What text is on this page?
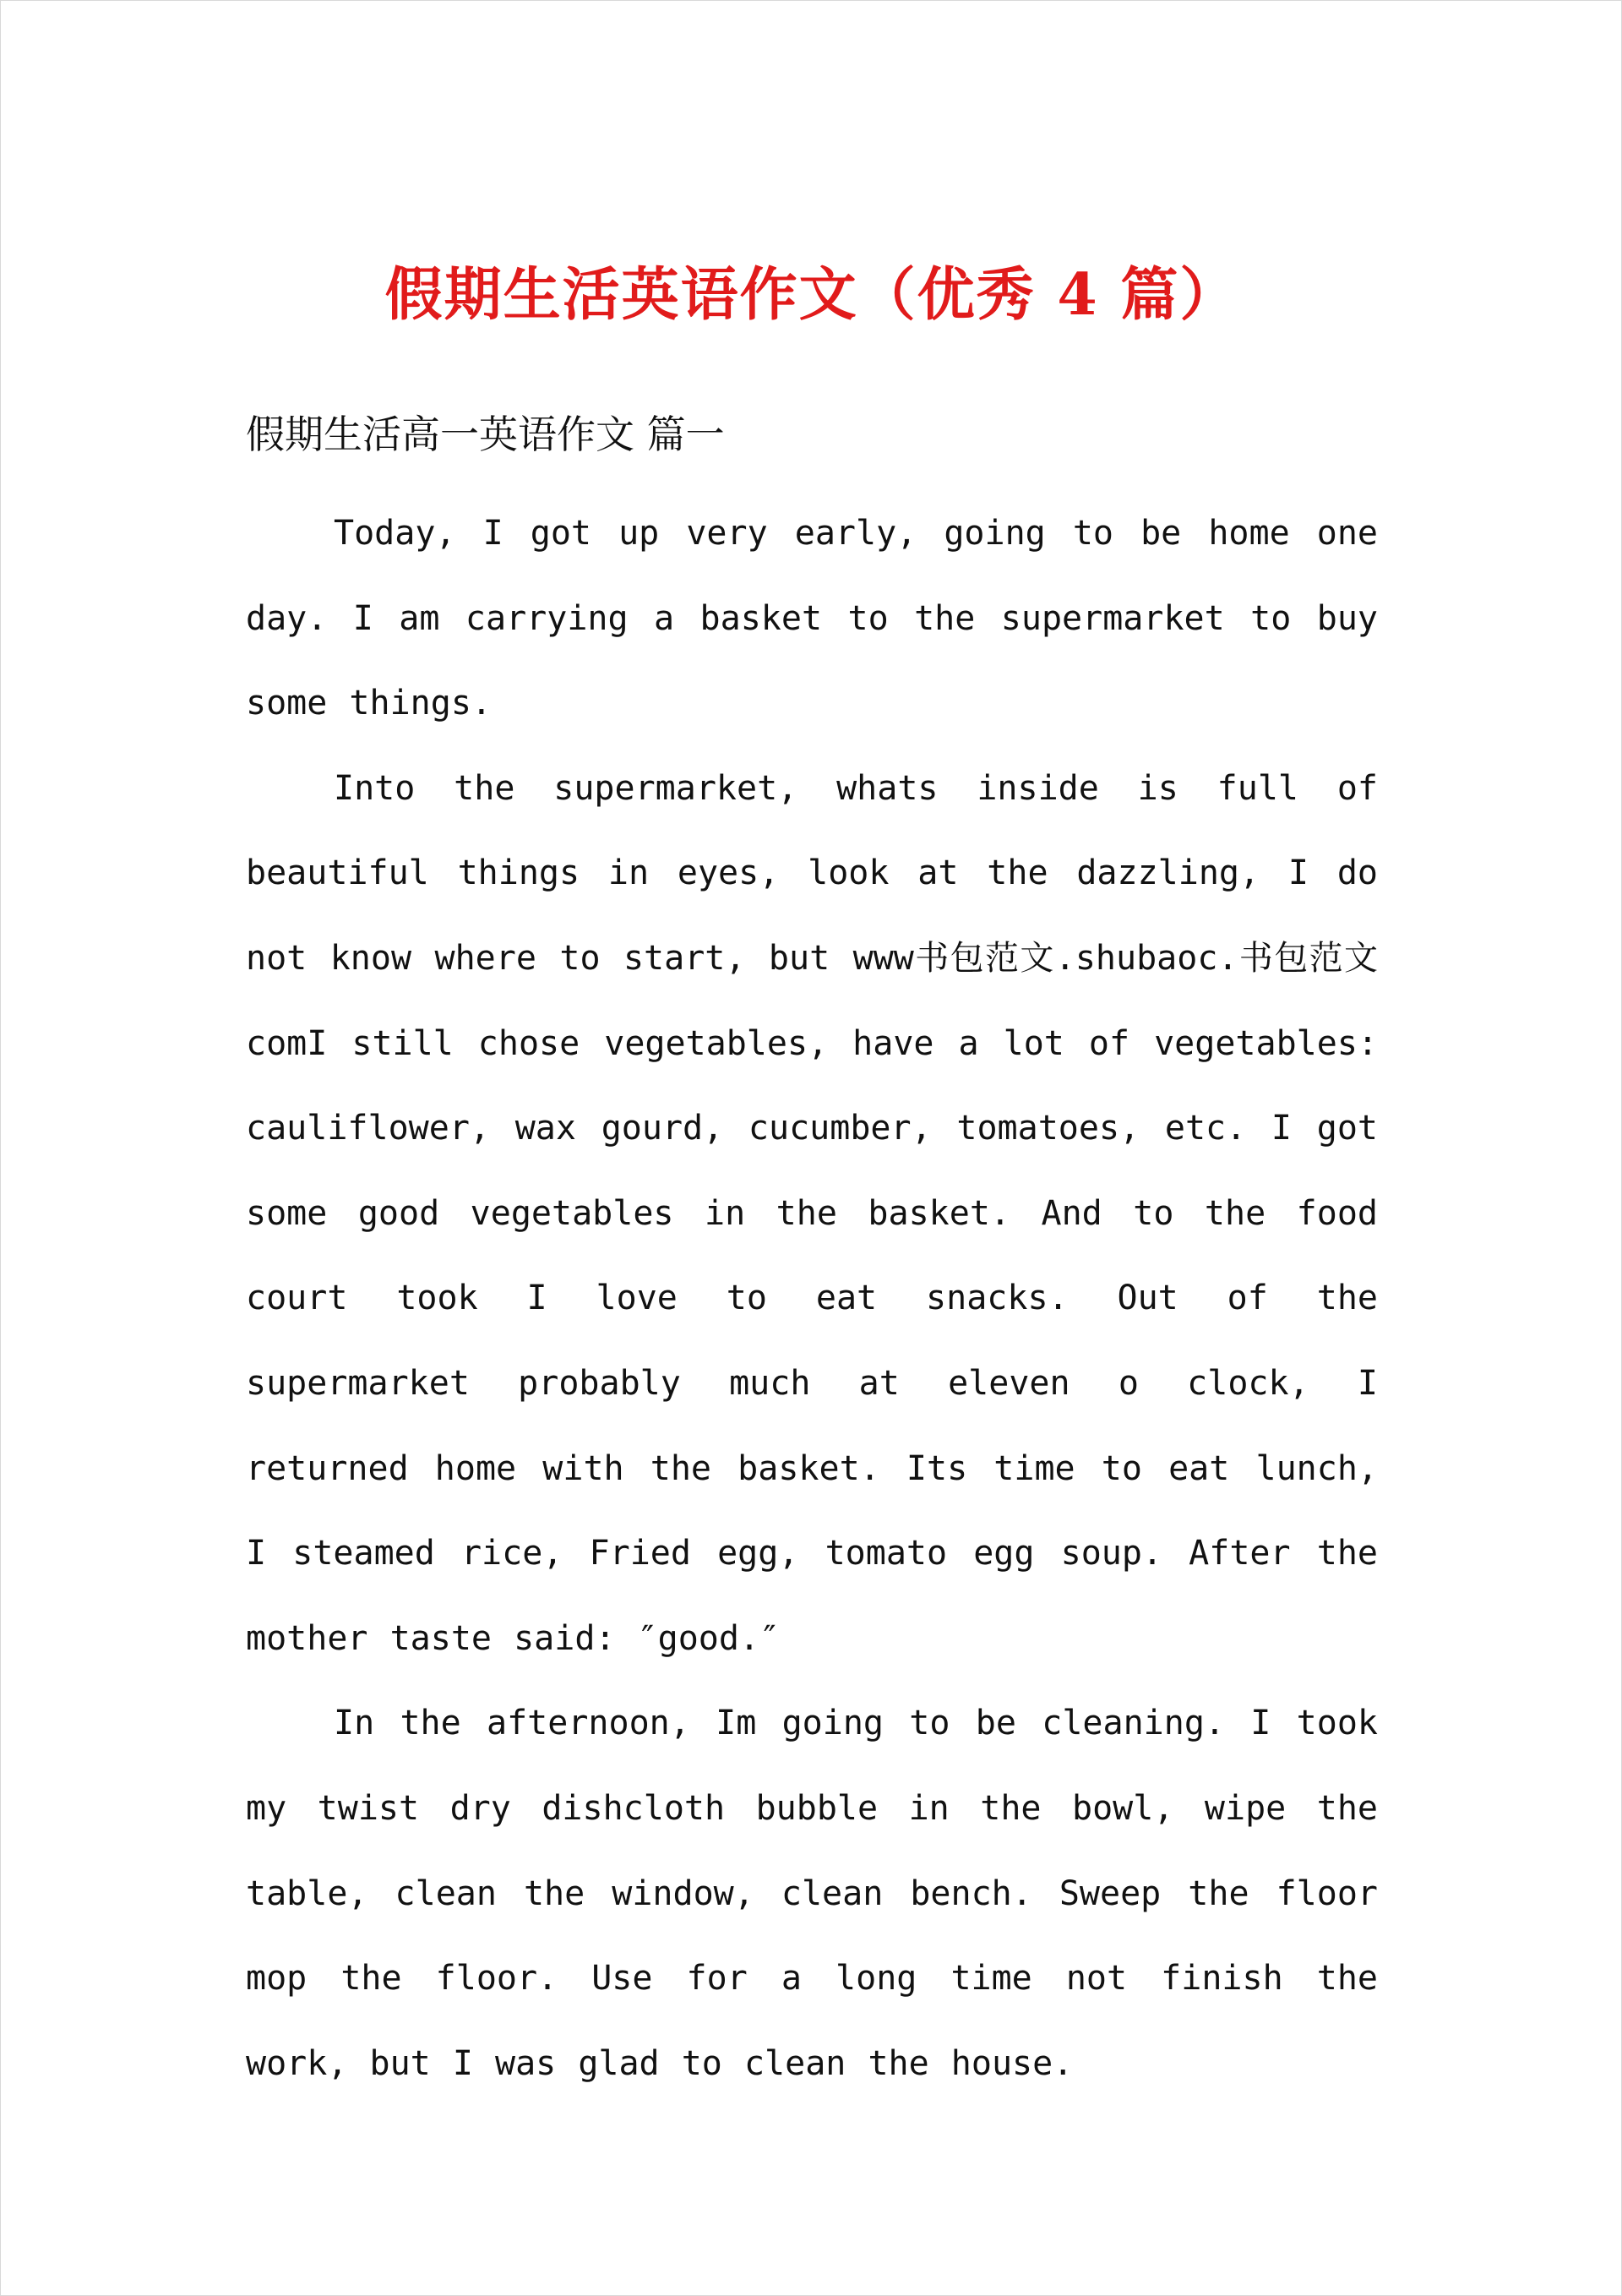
假期生活英语作文（优秀 4 篇）
假期生活高一英语作文 篇一

Today, I got up very early, going to be home one day. I am carrying a basket to the supermarket to buy some things.

Into the supermarket, whats inside is full of beautiful things in eyes, look at the dazzling, I do not know where to start, but www书包范文.shubaoc.书包范文comI still chose vegetables, have a lot of vegetables: cauliflower, wax gourd, cucumber, tomatoes, etc. I got some good vegetables in the basket. And to the food court took I love to eat snacks. Out of the supermarket probably much at eleven o clock, I returned home with the basket. Its time to eat lunch, I steamed rice, Fried egg, tomato egg soup. After the mother taste said: ″good.″

In the afternoon, Im going to be cleaning. I took my twist dry dishcloth bubble in the bowl, wipe the table, clean the window, clean bench. Sweep the floor mop the floor. Use for a long time not finish the work, but I was glad to clean the house.
